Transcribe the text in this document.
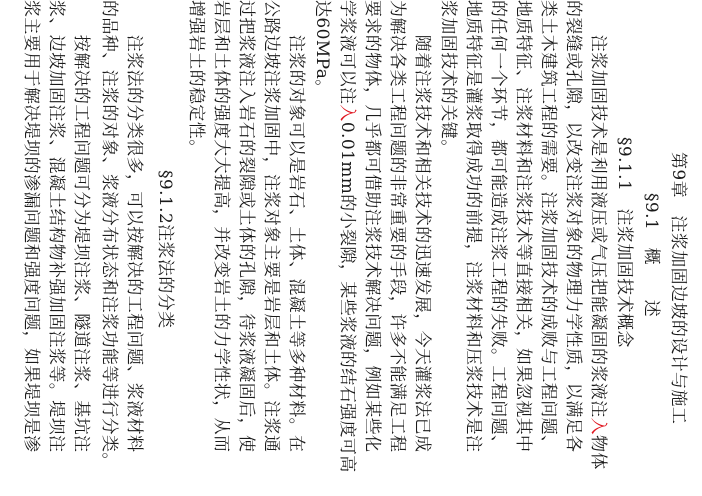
第9章　注浆加固边坡的设计与施工
§9.1　概　　述
§9.1.1　注浆加固技术概念
　　注浆加固技术是利用液压或气压把能凝固的浆液注入物体
的裂缝或孔隙，以改变注浆对象的物理力学性质，以满足各
类土木建筑工程的需要。注浆加固技术的成败与工程问题、
地质特征、注浆材料和注浆技术等直接相关，如果忽视其中
的任何一个环节，都可能造成注浆工程的失败。工程问题、
地质特征是灌浆取得成功的前提，注浆材料和压浆技术是注
浆加固技术的关键。
　　随着注浆技术和相关技术的迅速发展，今天灌浆法已成
为解决各类工程问题的非常重要的手段，许多不能满足工程
要求的物体，几乎都可借助注浆技术解决问题，例如某些化
学浆液可以注入0.01mm的小裂隙，某些浆液的结石强度可高
达60MPa。
　　注浆的对象可以是岩石、土体、混凝土等多种材料。在
公路边坡注浆加固中，注浆对象主要是岩层和土体。注浆通
过把浆液注入岩石的裂隙或土体的孔隙，待浆液凝固后，使
岩层和土体的强度大大提高，并改变岩土的力学性状，从而
增强岩土的稳定性。
§9.1.2注浆法的分类
　　注浆法的分类很多，可以按解决的工程问题、浆液材料
的品种、注浆的对象、浆液分布状态和注浆功能等进行分类。
　　按解决的工程问题可分为堤坝注浆、隧道注浆、基坑注
浆、边坡加固注浆、混凝土结构物补强加固注浆等。堤坝注
浆主要用于解决堤坝的渗漏问题和强度问题，如果堤坝是渗
